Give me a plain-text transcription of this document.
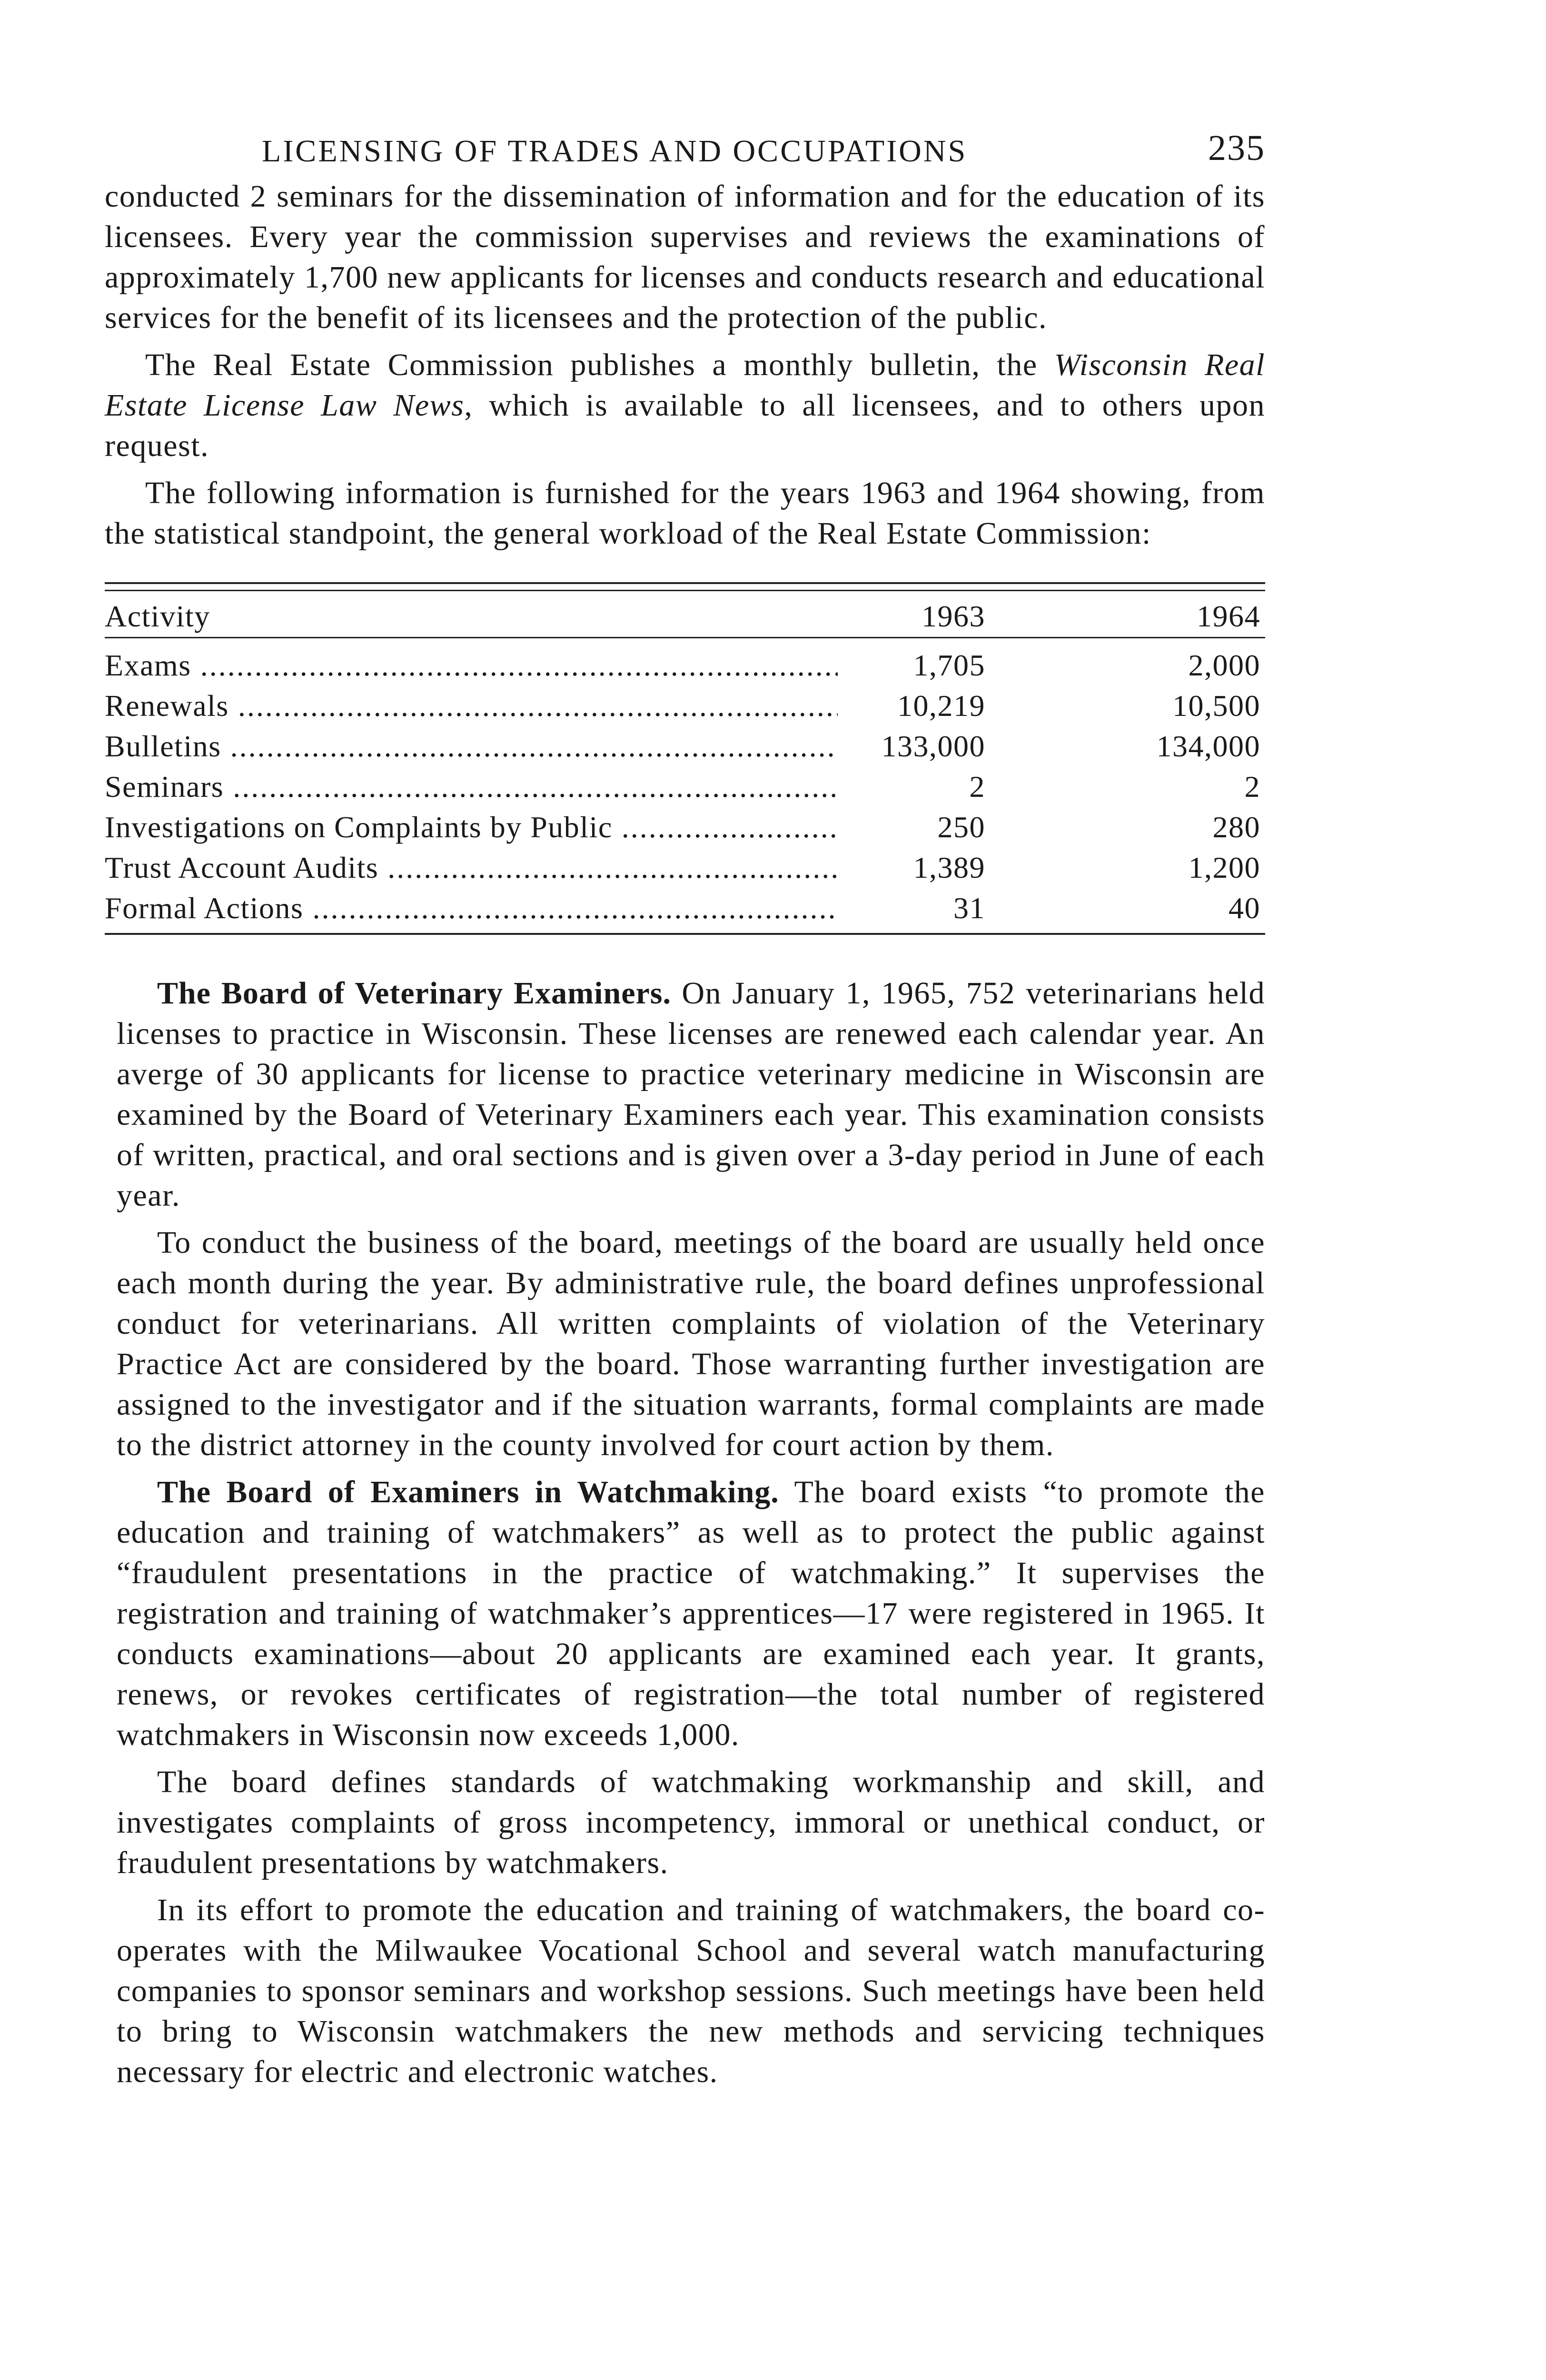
LICENSING OF TRADES AND OCCUPATIONS	235

conducted 2 seminars for the dissemination of information and for the education of its licensees. Every year the commission supervises and reviews the examinations of approximately 1,700 new applicants for licenses and conducts research and educational services for the benefit of its licensees and the protection of the public.

The Real Estate Commission publishes a monthly bulletin, the Wisconsin Real Estate License Law News, which is available to all licensees, and to others upon request.

The following information is furnished for the years 1963 and 1964 showing, from the statistical standpoint, the general workload of the Real Estate Commission:

Activity	1963	1964
Exams .....	1,705	2,000
Renewals .....	10,219	10,500
Bulletins .....	133,000	134,000
Seminars .....	2	2
Investigations on Complaints by Public .....	250	280
Trust Account Audits .....	1,389	1,200
Formal Actions .....	31	40

The Board of Veterinary Examiners. On January 1, 1965, 752 veterinarians held licenses to practice in Wisconsin. These licenses are renewed each calendar year. An averge of 30 applicants for license to practice veterinary medicine in Wisconsin are examined by the Board of Veterinary Examiners each year. This examination consists of written, practical, and oral sections and is given over a 3-day period in June of each year.

To conduct the business of the board, meetings of the board are usually held once each month during the year. By administrative rule, the board defines unprofessional conduct for veterinarians. All written complaints of violation of the Veterinary Practice Act are considered by the board. Those warranting further investigation are assigned to the investigator and if the situation warrants, formal complaints are made to the district attorney in the county involved for court action by them.

The Board of Examiners in Watchmaking. The board exists “to promote the education and training of watchmakers” as well as to protect the public against “fraudulent presentations in the practice of watchmaking.” It supervises the registration and training of watchmaker’s apprentices—17 were registered in 1965. It conducts examinations—about 20 applicants are examined each year. It grants, renews, or revokes certificates of registration—the total number of registered watchmakers in Wisconsin now exceeds 1,000.

The board defines standards of watchmaking workmanship and skill, and investigates complaints of gross incompetency, immoral or unethical conduct, or fraudulent presentations by watchmakers.

In its effort to promote the education and training of watchmakers, the board co-operates with the Milwaukee Vocational School and several watch manufacturing companies to sponsor seminars and workshop sessions. Such meetings have been held to bring to Wisconsin watchmakers the new methods and servicing techniques necessary for electric and electronic watches.
